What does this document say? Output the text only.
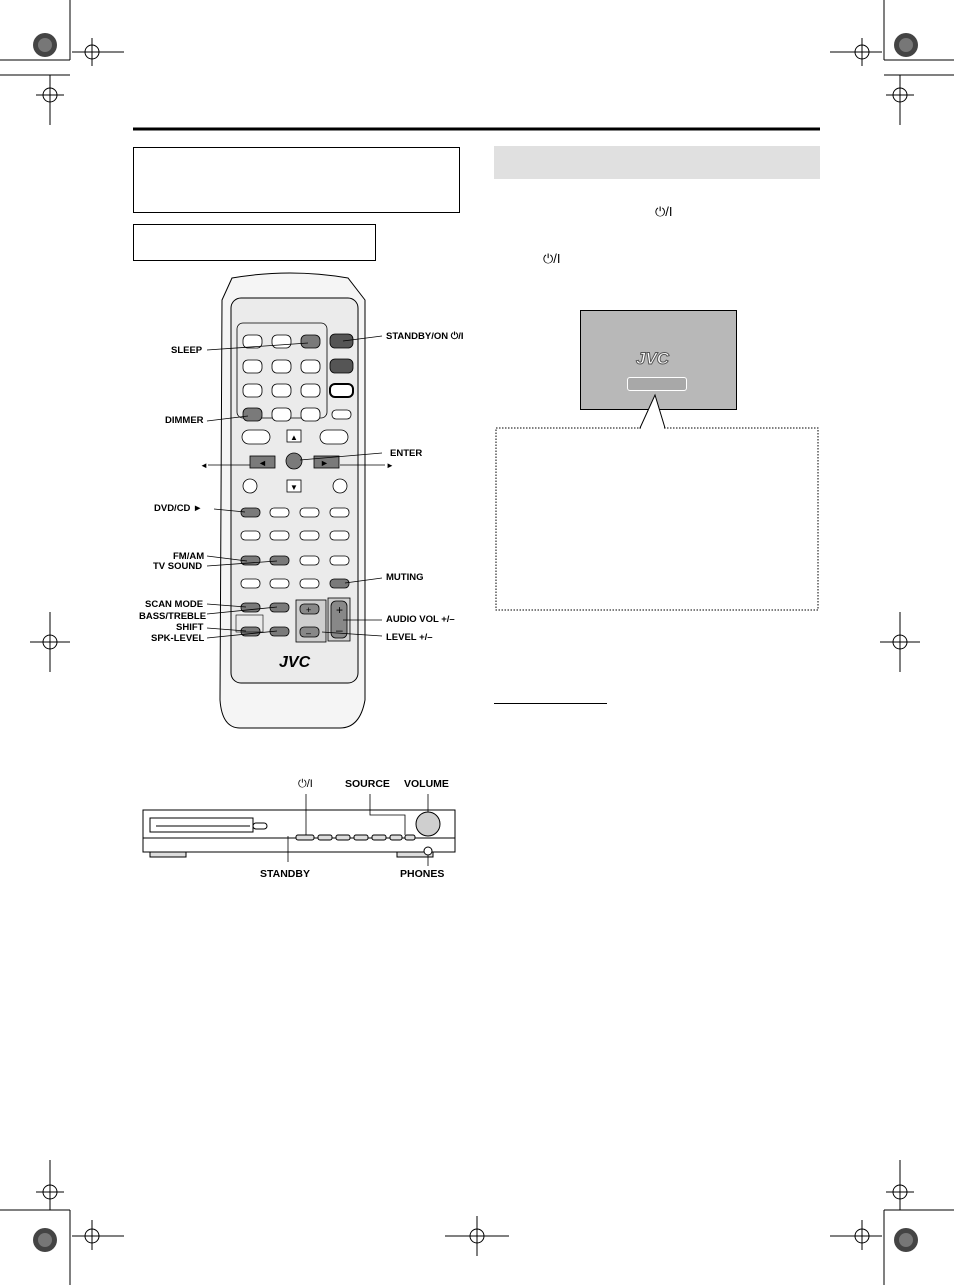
⏻/I
⏻/I
JVC
+
–
+
–
▲
▼
◄	►
◄	►
JVC
SLEEP
DIMMER
DVD/CD ►
FM/AM
TV SOUND
SCAN MODE
BASS/TREBLE
SHIFT
SPK-LEVEL
STANDBY/ON ⏻/I
ENTER
MUTING
AUDIO VOL +/–
LEVEL +/–
⏻/I	SOURCE VOLUME
STANDBY	PHONES
